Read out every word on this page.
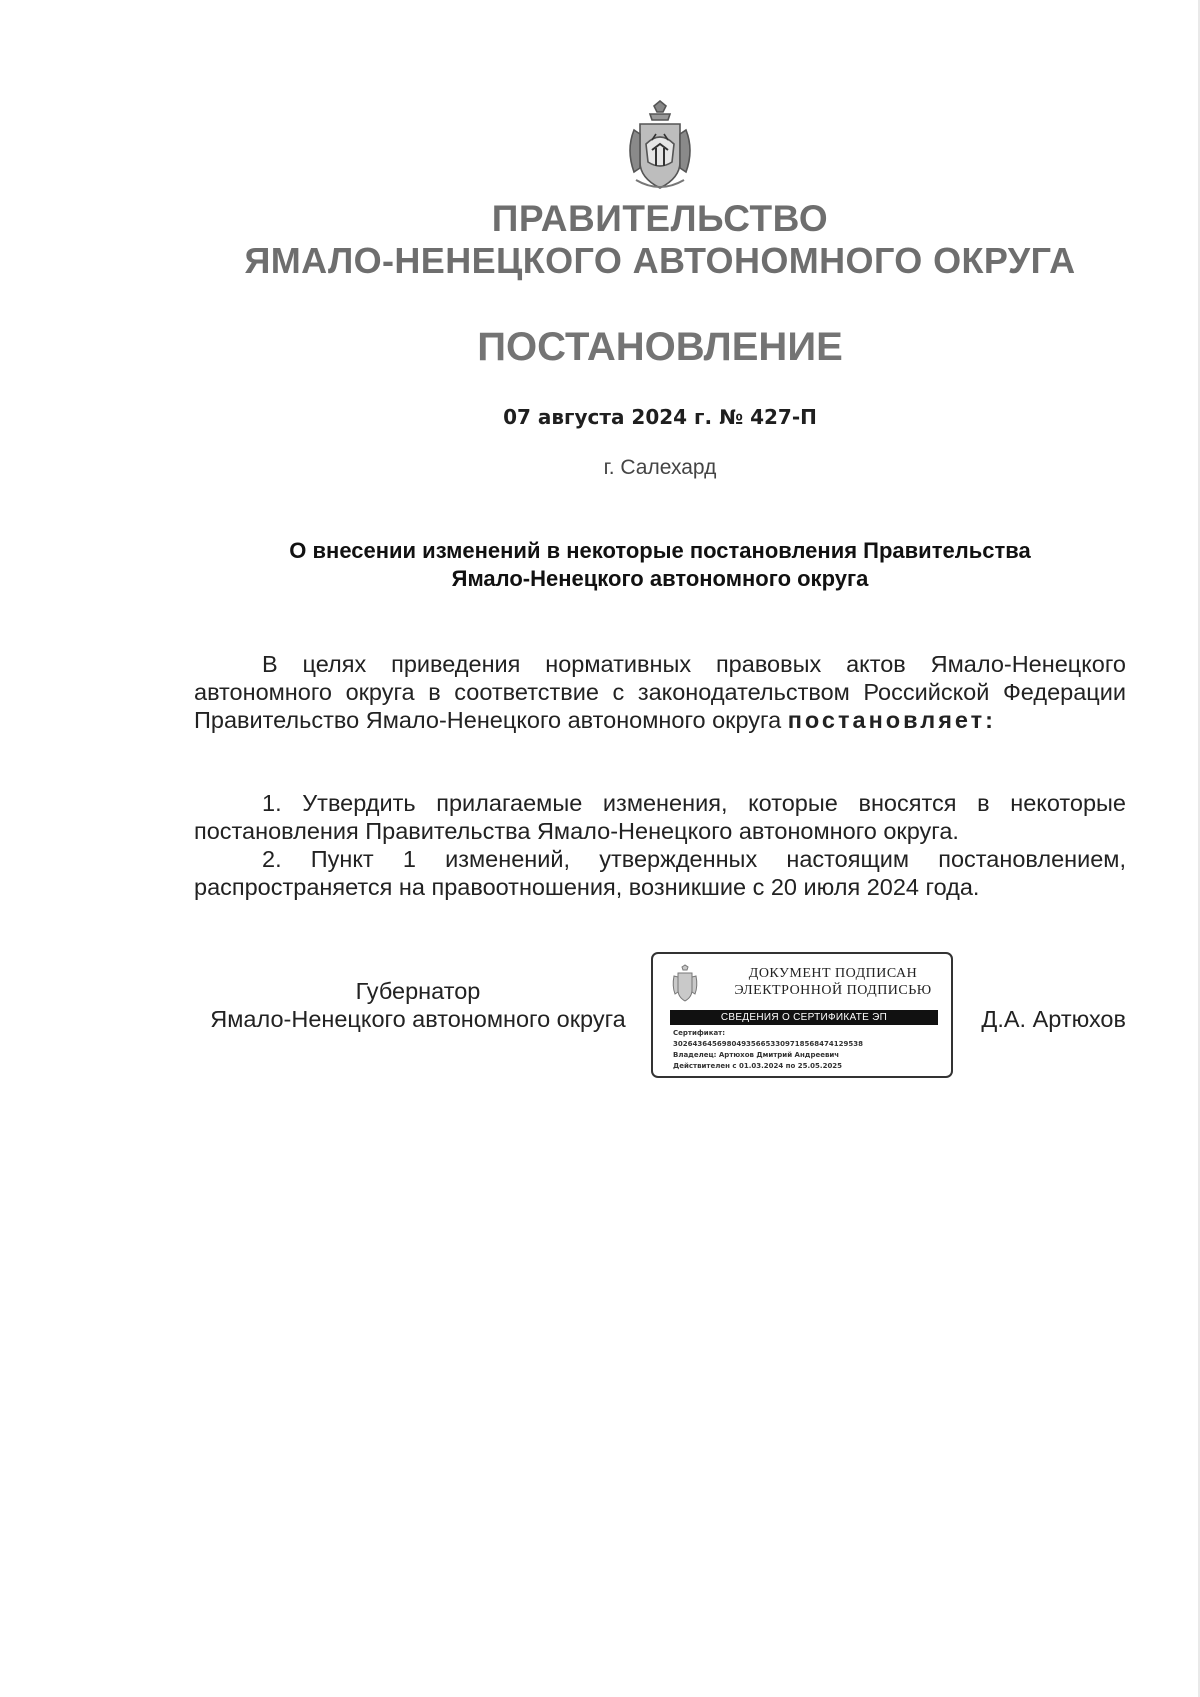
ПРАВИТЕЛЬСТВО
ЯМАЛО-НЕНЕЦКОГО АВТОНОМНОГО ОКРУГА
ПОСТАНОВЛЕНИЕ
07 августа 2024 г. № 427-П
г. Салехард
О внесении изменений в некоторые постановления Правительства
Ямало-Ненецкого автономного округа

В целях приведения нормативных правовых актов Ямало-Ненецкого автономного округа в соответствие с законодательством Российской Федерации Правительство Ямало-Ненецкого автономного округа постановляет:

1. Утвердить прилагаемые изменения, которые вносятся в некоторые постановления Правительства Ямало-Ненецкого автономного округа.

2. Пункт 1 изменений, утвержденных настоящим постановлением, распространяется на правоотношения, возникшие с 20 июля 2024 года.

Губернатор
Ямало-Ненецкого автономного округа
ДОКУМЕНТ ПОДПИСАН
ЭЛЕКТРОННОЙ ПОДПИСЬЮ
СВЕДЕНИЯ О СЕРТИФИКАТЕ ЭП
Сертификат:
302643645698049356653309718568474129538
Владелец: Артюхов Дмитрий Андреевич
Действителен с 01.03.2024 по 25.05.2025
Д.А. Артюхов
